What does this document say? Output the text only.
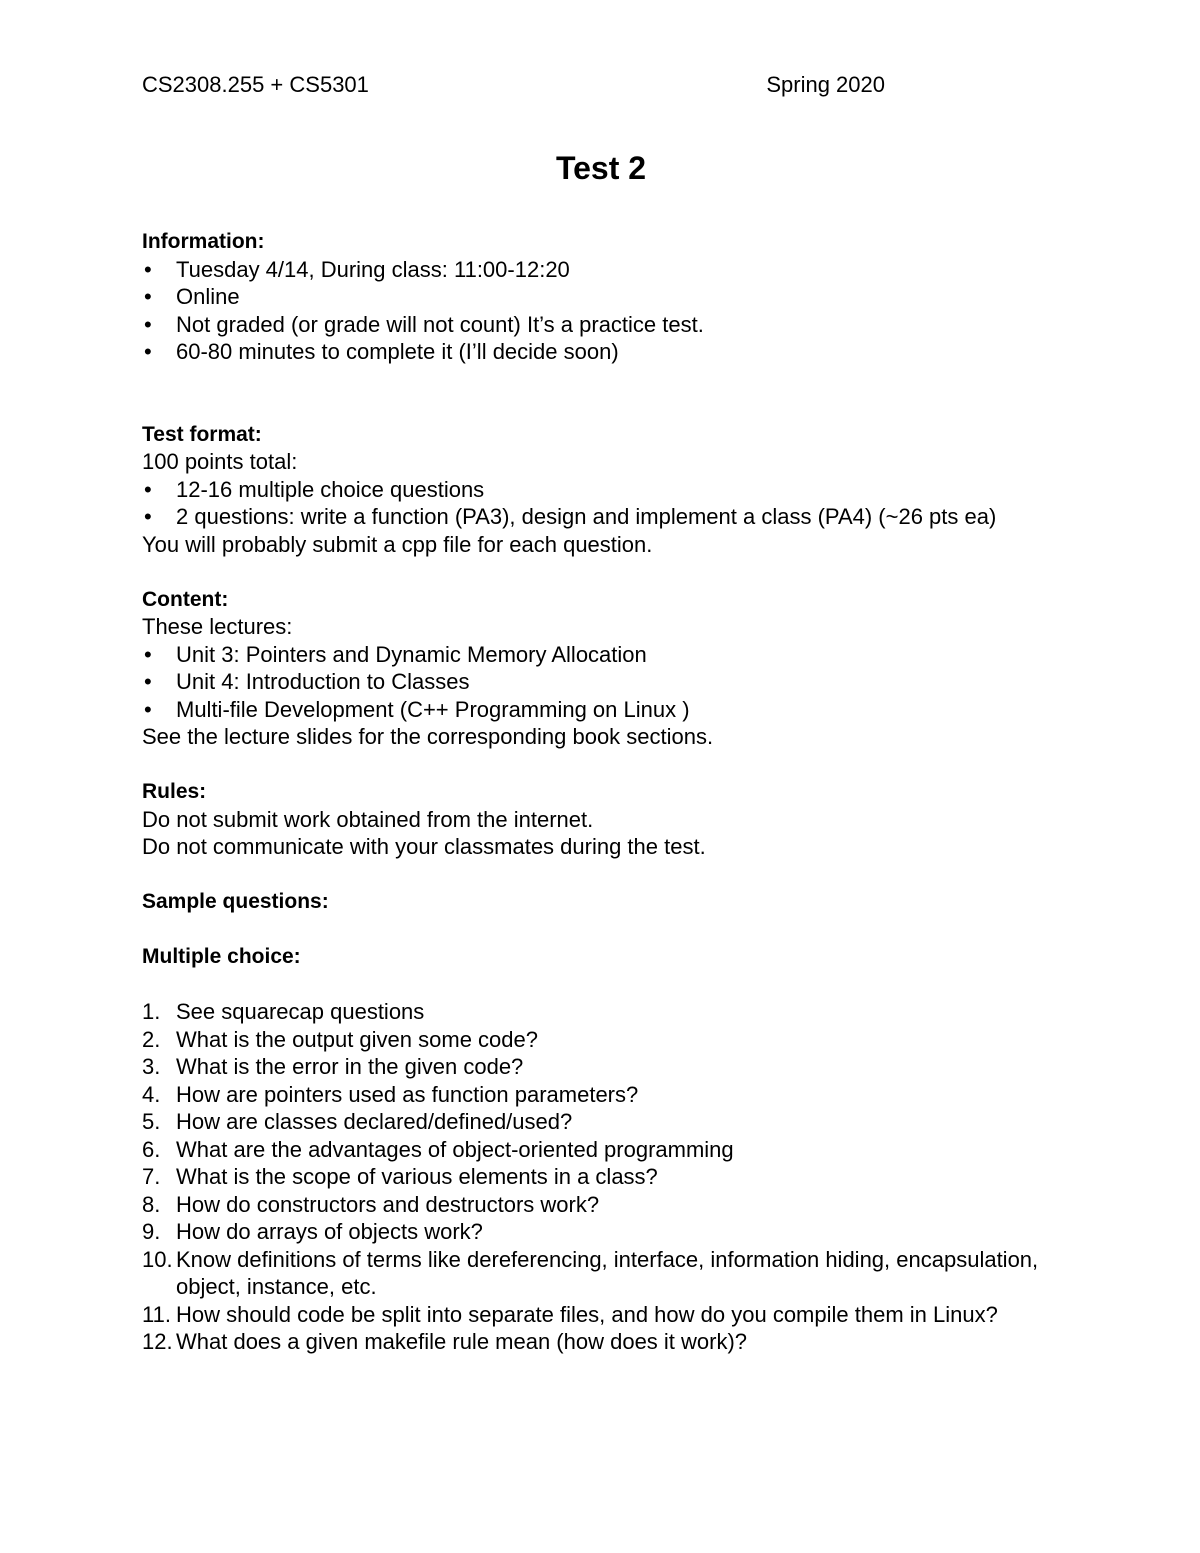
CS2308.255 + CS5301	Spring 2020
Test 2
Information:
• Tuesday 4/14, During class: 11:00-12:20
• Online
• Not graded (or grade will not count) It’s a practice test.
• 60-80 minutes to complete it (I’ll decide soon)
Test format:
100 points total:
• 12-16 multiple choice questions
• 2 questions: write a function (PA3), design and implement a class (PA4) (~26 pts ea)
You will probably submit a cpp file for each question.
Content:
These lectures:
• Unit 3: Pointers and Dynamic Memory Allocation
• Unit 4: Introduction to Classes
• Multi-file Development (C++ Programming on Linux )
See the lecture slides for the corresponding book sections.
Rules:
Do not submit work obtained from the internet.
Do not communicate with your classmates during the test.
Sample questions:
Multiple choice:
1. See squarecap questions
2. What is the output given some code?
3. What is the error in the given code?
4. How are pointers used as function parameters?
5. How are classes declared/defined/used?
6. What are the advantages of object-oriented programming
7. What is the scope of various elements in a class?
8. How do constructors and destructors work?
9. How do arrays of objects work?
10. Know definitions of terms like dereferencing, interface, information hiding, encapsulation, object, instance, etc.
11. How should code be split into separate files, and how do you compile them in Linux?
12. What does a given makefile rule mean (how does it work)?
